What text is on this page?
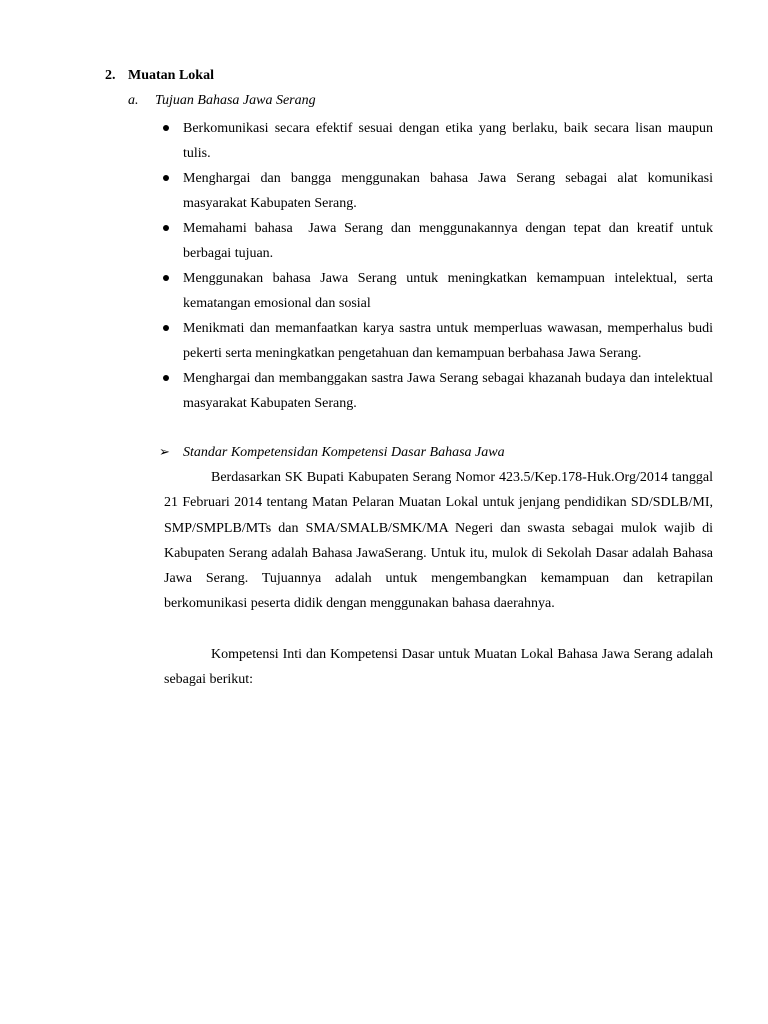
2. Muatan Lokal
a. Tujuan Bahasa Jawa Serang
Berkomunikasi secara efektif sesuai dengan etika yang berlaku, baik secara lisan maupun tulis.
Menghargai dan bangga menggunakan bahasa Jawa Serang sebagai alat komunikasi masyarakat Kabupaten Serang.
Memahami bahasa  Jawa Serang dan menggunakannya dengan tepat dan kreatif untuk berbagai tujuan.
Menggunakan bahasa Jawa Serang untuk meningkatkan kemampuan intelektual, serta kematangan emosional dan sosial
Menikmati dan memanfaatkan karya sastra untuk memperluas wawasan, memperhalus budi pekerti serta meningkatkan pengetahuan dan kemampuan berbahasa Jawa Serang.
Menghargai dan membanggakan sastra Jawa Serang sebagai khazanah budaya dan intelektual masyarakat Kabupaten Serang.
➢ Standar Kompetensidan Kompetensi Dasar Bahasa Jawa

Berdasarkan SK Bupati Kabupaten Serang Nomor 423.5/Kep.178-Huk.Org/2014 tanggal 21 Februari 2014 tentang Matan Pelaran Muatan Lokal untuk jenjang pendidikan SD/SDLB/MI, SMP/SMPLB/MTs dan SMA/SMALB/SMK/MA Negeri dan swasta sebagai mulok wajib di Kabupaten Serang adalah Bahasa JawaSerang. Untuk itu, mulok di Sekolah Dasar adalah Bahasa Jawa Serang. Tujuannya adalah untuk mengembangkan kemampuan dan ketrapilan berkomunikasi peserta didik dengan menggunakan bahasa daerahnya.

Kompetensi Inti dan Kompetensi Dasar untuk Muatan Lokal Bahasa Jawa Serang adalah sebagai berikut:
